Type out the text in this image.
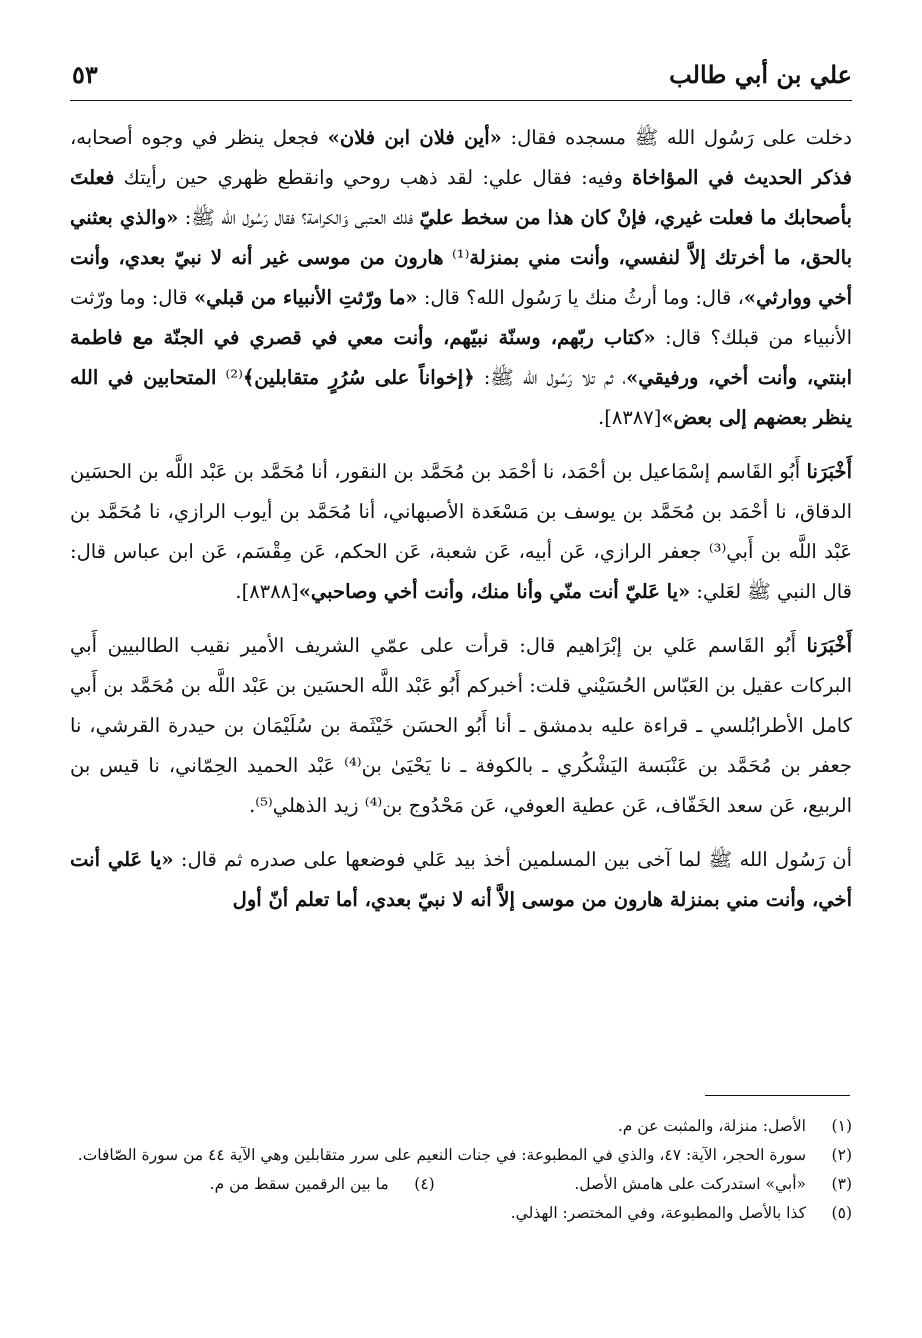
علي بن أبي طالب
٥٣

دخلت على رَسُول الله ﷺ مسجده فقال: «أين فلان ابن فلان» فجعل ينظر في وجوه أصحابه، فذكر الحديث في المؤاخاة وفيه: فقال علي: لقد ذهب روحي وانقطع ظهري حين رأيتك فعلتَ بأصحابك ما فعلت غيري، فإنْ كان هذا من سخط عليّ فلك العتبى وَالكرامة؟ فقال رَسُول الله ﷺ: «والذي بعثني بالحق، ما أخرتك إلاَّ لنفسي، وأنت مني بمنزلة⁽¹⁾ هارون من موسى غير أنه لا نبيّ بعدي، وأنت أخي ووارثي»، قال: وما أرثُ منك يا رَسُول الله؟ قال: «ما ورّثتِ الأنبياء من قبلي» قال: وما ورّثت الأنبياء من قبلك؟ قال: «كتاب ربّهم، وسنّة نبيّهم، وأنت معي في قصري في الجنّة مع فاطمة ابنتي، وأنت أخي، ورفيقي»، ثم تلا رَسُول الله ﷺ: ﴿إخواناً على سُرُرٍ متقابلين﴾⁽²⁾ المتحابين في الله ينظر بعضهم إلى بعض»[٨٣٨٧].

أَخْبَرَنا أَبُو القَاسم إسْمَاعيل بن أحْمَد، نا أحْمَد بن مُحَمَّد بن النقور، أنا مُحَمَّد بن عَبْد اللَّه بن الحسَين الدقاق، نا أحْمَد بن مُحَمَّد بن يوسف بن مَسْعَدة الأصبهاني، أنا مُحَمَّد بن أيوب الرازي، نا مُحَمَّد بن عَبْد اللَّه بن أَبي⁽³⁾ جعفر الرازي، عَن أبيه، عَن شعبة، عَن الحكم، عَن مِقْسَم، عَن ابن عباس قال: قال النبي ﷺ لعَلي: «يا عَليّ أنت منّي وأنا منك، وأنت أخي وصاحبي»[٨٣٨٨].

أَخْبَرَنا أَبُو القَاسم عَلي بن إبْرَاهيم قال: قرأت على عمّي الشريف الأمير نقيب الطالبيين أَبي البركات عقيل بن العَبّاس الحُسَيْني قلت: أخبركم أَبُو عَبْد اللَّه الحسَين بن عَبْد اللَّه بن مُحَمَّد بن أَبي كامل الأطرابُلسي ـ قراءة عليه بدمشق ـ أنا أَبُو الحسَن خَيْثَمة بن سُلَيْمَان بن حيدرة القرشي، نا جعفر بن مُحَمَّد بن عَنْبَسة اليَشْكُري ـ بالكوفة ـ نا يَحْيَىٰ بن⁽⁴⁾ عَبْد الحميد الحِمّاني، نا قيس بن الربيع، عَن سعد الخَفّاف، عَن عطية العوفي، عَن مَحْدُوج بن⁽⁴⁾ زيد الذهلي⁽⁵⁾.

أن رَسُول الله ﷺ لما آخى بين المسلمين أخذ بيد عَلي فوضعها على صدره ثم قال: «يا عَلي أنت أخي، وأنت مني بمنزلة هارون من موسى إلاَّ أنه لا نبيّ بعدي، أما تعلم أنّ أول

(١)
الأصل: منزلة، والمثبت عن م.
(٢)
سورة الحجر، الآية: ٤٧، والذي في المطبوعة: في جنات النعيم على سرر متقابلين وهي الآية ٤٤ من سورة الصّافات.
(٣)
«أبي» استدركت على هامش الأصل.
(٤)
ما بين الرقمين سقط من م.
(٥)
كذا بالأصل والمطبوعة، وفي المختصر: الهذلي.
